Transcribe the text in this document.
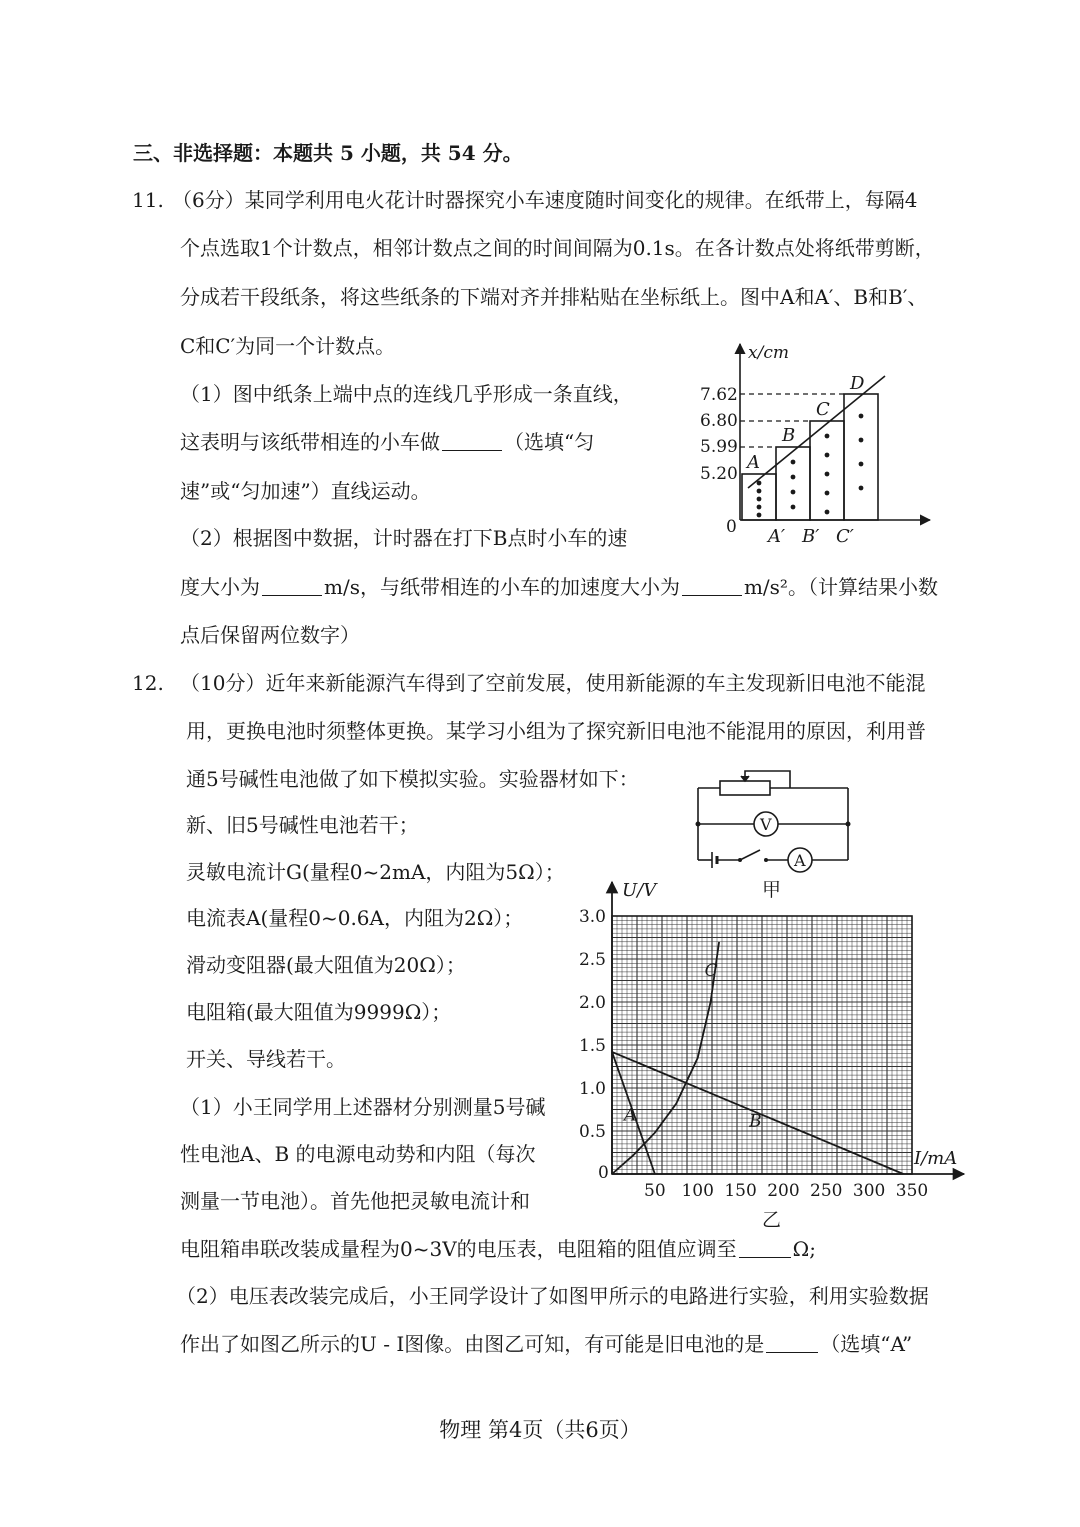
三、非选择题：本题共 5 小题，共 54 分。
11. （6分）某同学利用电火花计时器探究小车速度随时间变化的规律。在纸带上，每隔4
个点选取1个计数点，相邻计数点之间的时间间隔为0.1s。在各计数点处将纸带剪断，
分成若干段纸条，将这些纸条的下端对齐并排粘贴在坐标纸上。图中A和A′、B和B′、
C和C′为同一个计数点。
（1）图中纸条上端中点的连线几乎形成一条直线，
这表明与该纸带相连的小车做	（选填“匀
速”或“匀加速”）直线运动。
（2）根据图中数据，计时器在打下B点时小车的速
度大小为	m/s，与纸带相连的小车的加速度大小为	m/s²。（计算结果小数
点后保留两位数字）
x/cm
0
7.62
6.80
5.99
5.20
A
B
C
D
A′ B′ C′
12. （10分）近年来新能源汽车得到了空前发展，使用新能源的车主发现新旧电池不能混
用，更换电池时须整体更换。某学习小组为了探究新旧电池不能混用的原因，利用普
通5号碱性电池做了如下模拟实验。实验器材如下：
新、旧5号碱性电池若干；
灵敏电流计G(量程0~2mA，内阻为5Ω）；
电流表A(量程0~0.6A，内阻为2Ω）；
滑动变阻器(最大阻值为20Ω）；
电阻箱(最大阻值为9999Ω）；
开关、导线若干。
（1）小王同学用上述器材分别测量5号碱
性电池A、B 的电源电动势和内阻（每次
测量一节电池）。首先他把灵敏电流计和
电阻箱串联改装成量程为0~3V的电压表，电阻箱的阻值应调至	Ω;
（2）电压表改装完成后，小王同学设计了如图甲所示的电路进行实验，利用实验数据
作出了如图乙所示的U - I图像。由图乙可知，有可能是旧电池的是	（选填“A”
V
A
甲
U/V
I/mA
0
乙
50 100 150 200 250 300 350
3.0
2.5
2.0
1.5
1.0
0.5
A	B
C
物理 第4页（共6页）
